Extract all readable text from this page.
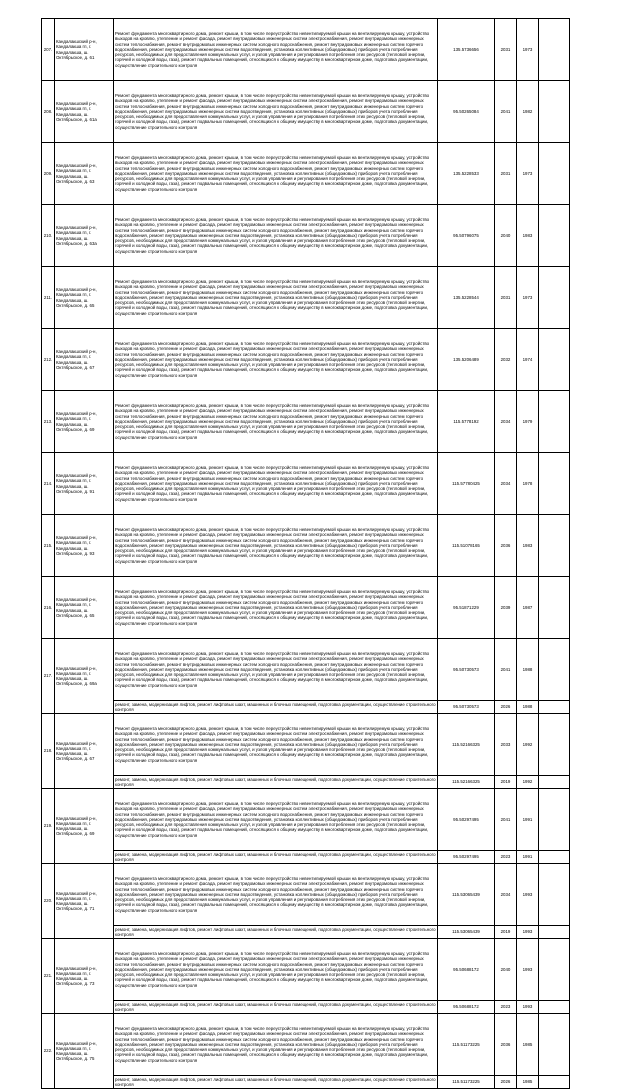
207.	Кандалакшский р-н, Кандалакша гп, г. Кандалакша, ш. Октябрьское, д. 61	Ремонт фундамента многоквартирного дома, ремонт крыши, в том числе переустройство невентилируемой крыши на вентилируемую крышу, устройство выходов на кровлю, утепление и ремонт фасада, ремонт внутридомовых инженерных систем электроснабжения, ремонт внутридомовых инженерных систем теплоснабжения, ремонт внутридомовых инженерных систем холодного водоснабжения, ремонт внутридомовых инженерных систем горячего водоснабжения, ремонт внутридомовых инженерных систем водоотведения, установка коллективных (общедомовых) приборов учета потребления ресурсов, необходимых для предоставления коммунальных услуг, и узлов управления и регулирования потребления этих ресурсов (тепловой энергии, горячей и холодной воды, газа), ремонт подвальных помещений, относящихся к общему имуществу в многоквартирном доме, подготовка документации, осуществление строительного контроля	135.5736656	2031	1973	
208.	Кандалакшский р-н, Кандалакша гп, г. Кандалакша, ш. Октябрьское, д. 61а	Ремонт фундамента многоквартирного дома, ремонт крыши, в том числе переустройство невентилируемой крыши на вентилируемую крышу, устройство выходов на кровлю, утепление и ремонт фасада, ремонт внутридомовых инженерных систем электроснабжения, ремонт внутридомовых инженерных систем теплоснабжения, ремонт внутридомовых инженерных систем холодного водоснабжения, ремонт внутридомовых инженерных систем горячего водоснабжения, ремонт внутридомовых инженерных систем водоотведения, установка коллективных (общедомовых) приборов учета потребления ресурсов, необходимых для предоставления коммунальных услуг, и узлов управления и регулирования потребления этих ресурсов (тепловой энергии, горячей и холодной воды, газа), ремонт подвальных помещений, относящихся к общему имуществу в многоквартирном доме, подготовка документации, осуществление строительного контроля	95.50265084	2041	1982	
209.	Кандалакшский р-н, Кандалакша гп, г. Кандалакша, ш. Октябрьское, д. 63	Ремонт фундамента многоквартирного дома, ремонт крыши, в том числе переустройство невентилируемой крыши на вентилируемую крышу, устройство выходов на кровлю, утепление и ремонт фасада, ремонт внутридомовых инженерных систем электроснабжения, ремонт внутридомовых инженерных систем теплоснабжения, ремонт внутридомовых инженерных систем холодного водоснабжения, ремонт внутридомовых инженерных систем горячего водоснабжения, ремонт внутридомовых инженерных систем водоотведения, установка коллективных (общедомовых) приборов учета потребления ресурсов, необходимых для предоставления коммунальных услуг, и узлов управления и регулирования потребления этих ресурсов (тепловой энергии, горячей и холодной воды, газа), ремонт подвальных помещений, относящихся к общему имуществу в многоквартирном доме, подготовка документации, осуществление строительного контроля	135.5228533	2031	1973	
210.	Кандалакшский р-н, Кандалакша гп, г. Кандалакша, ш. Октябрьское, д. 63а	Ремонт фундамента многоквартирного дома, ремонт крыши, в том числе переустройство невентилируемой крыши на вентилируемую крышу, устройство выходов на кровлю, утепление и ремонт фасада, ремонт внутридомовых инженерных систем электроснабжения, ремонт внутридомовых инженерных систем теплоснабжения, ремонт внутридомовых инженерных систем холодного водоснабжения, ремонт внутридомовых инженерных систем горячего водоснабжения, ремонт внутридомовых инженерных систем водоотведения, установка коллективных (общедомовых) приборов учета потребления ресурсов, необходимых для предоставления коммунальных услуг, и узлов управления и регулирования потребления этих ресурсов (тепловой энергии, горячей и холодной воды, газа), ремонт подвальных помещений, относящихся к общему имуществу в многоквартирном доме, подготовка документации, осуществление строительного контроля	95.50796075	2040	1983	
211.	Кандалакшский р-н, Кандалакша гп, г. Кандалакша, ш. Октябрьское, д. 65	Ремонт фундамента многоквартирного дома, ремонт крыши, в том числе переустройство невентилируемой крыши на вентилируемую крышу, устройство выходов на кровлю, утепление и ремонт фасада, ремонт внутридомовых инженерных систем электроснабжения, ремонт внутридомовых инженерных систем теплоснабжения, ремонт внутридомовых инженерных систем холодного водоснабжения, ремонт внутридомовых инженерных систем горячего водоснабжения, ремонт внутридомовых инженерных систем водоотведения, установка коллективных (общедомовых) приборов учета потребления ресурсов, необходимых для предоставления коммунальных услуг, и узлов управления и регулирования потребления этих ресурсов (тепловой энергии, горячей и холодной воды, газа), ремонт подвальных помещений, относящихся к общему имуществу в многоквартирном доме, подготовка документации, осуществление строительного контроля	135.5228544	2031	1973	
212.	Кандалакшский р-н, Кандалакша гп, г. Кандалакша, ш. Октябрьское, д. 67	Ремонт фундамента многоквартирного дома, ремонт крыши, в том числе переустройство невентилируемой крыши на вентилируемую крышу, устройство выходов на кровлю, утепление и ремонт фасада, ремонт внутридомовых инженерных систем электроснабжения, ремонт внутридомовых инженерных систем теплоснабжения, ремонт внутридомовых инженерных систем холодного водоснабжения, ремонт внутридомовых инженерных систем горячего водоснабжения, ремонт внутридомовых инженерных систем водоотведения, установка коллективных (общедомовых) приборов учета потребления ресурсов, необходимых для предоставления коммунальных услуг, и узлов управления и регулирования потребления этих ресурсов (тепловой энергии, горячей и холодной воды, газа), ремонт подвальных помещений, относящихся к общему имуществу в многоквартирном доме, подготовка документации, осуществление строительного контроля	135.5206489	2032	1974	
213.	Кандалакшский р-н, Кандалакша гп, г. Кандалакша, ш. Октябрьское, д. 69	Ремонт фундамента многоквартирного дома, ремонт крыши, в том числе переустройство невентилируемой крыши на вентилируемую крышу, устройство выходов на кровлю, утепление и ремонт фасада, ремонт внутридомовых инженерных систем электроснабжения, ремонт внутридомовых инженерных систем теплоснабжения, ремонт внутридомовых инженерных систем холодного водоснабжения, ремонт внутридомовых инженерных систем горячего водоснабжения, ремонт внутридомовых инженерных систем водоотведения, установка коллективных (общедомовых) приборов учета потребления ресурсов, необходимых для предоставления коммунальных услуг, и узлов управления и регулирования потребления этих ресурсов (тепловой энергии, горячей и холодной воды, газа), ремонт подвальных помещений, относящихся к общему имуществу в многоквартирном доме, подготовка документации, осуществление строительного контроля	115.5778192	2034	1979	
214.	Кандалакшский р-н, Кандалакша гп, г. Кандалакша, ш. Октябрьское, д. 91	Ремонт фундамента многоквартирного дома, ремонт крыши, в том числе переустройство невентилируемой крыши на вентилируемую крышу, устройство выходов на кровлю, утепление и ремонт фасада, ремонт внутридомовых инженерных систем электроснабжения, ремонт внутридомовых инженерных систем теплоснабжения, ремонт внутридомовых инженерных систем холодного водоснабжения, ремонт внутридомовых инженерных систем горячего водоснабжения, ремонт внутридомовых инженерных систем водоотведения, установка коллективных (общедомовых) приборов учета потребления ресурсов, необходимых для предоставления коммунальных услуг, и узлов управления и регулирования потребления этих ресурсов (тепловой энергии, горячей и холодной воды, газа), ремонт подвальных помещений, относящихся к общему имуществу в многоквартирном доме, подготовка документации, осуществление строительного контроля	115.57780425	2034	1978	
215.	Кандалакшский р-н, Кандалакша гп, г. Кандалакша, ш. Октябрьское, д. 93	Ремонт фундамента многоквартирного дома, ремонт крыши, в том числе переустройство невентилируемой крыши на вентилируемую крышу, устройство выходов на кровлю, утепление и ремонт фасада, ремонт внутридомовых инженерных систем электроснабжения, ремонт внутридомовых инженерных систем теплоснабжения, ремонт внутридомовых инженерных систем холодного водоснабжения, ремонт внутридомовых инженерных систем горячего водоснабжения, ремонт внутридомовых инженерных систем водоотведения, установка коллективных (общедомовых) приборов учета потребления ресурсов, необходимых для предоставления коммунальных услуг, и узлов управления и регулирования потребления этих ресурсов (тепловой энергии, горячей и холодной воды, газа), ремонт подвальных помещений, относящихся к общему имуществу в многоквартирном доме, подготовка документации, осуществление строительного контроля	115.51078165	2036	1983	
216.	Кандалакшский р-н, Кандалакша гп, г. Кандалакша, ш. Октябрьское, д. 65	Ремонт фундамента многоквартирного дома, ремонт крыши, в том числе переустройство невентилируемой крыши на вентилируемую крышу, устройство выходов на кровлю, утепление и ремонт фасада, ремонт внутридомовых инженерных систем электроснабжения, ремонт внутридомовых инженерных систем теплоснабжения, ремонт внутридомовых инженерных систем холодного водоснабжения, ремонт внутридомовых инженерных систем горячего водоснабжения, ремонт внутридомовых инженерных систем водоотведения, установка коллективных (общедомовых) приборов учета потребления ресурсов, необходимых для предоставления коммунальных услуг, и узлов управления и регулирования потребления этих ресурсов (тепловой энергии, горячей и холодной воды, газа), ремонт подвальных помещений, относящихся к общему имуществу в многоквартирном доме, подготовка документации, осуществление строительного контроля	95.51871229	2039	1987	
217.	Кандалакшский р-н, Кандалакша гп, г. Кандалакша, ш. Октябрьское, д. 69а	Ремонт фундамента многоквартирного дома, ремонт крыши, в том числе переустройство невентилируемой крыши на вентилируемую крышу, устройство выходов на кровлю, утепление и ремонт фасада, ремонт внутридомовых инженерных систем электроснабжения, ремонт внутридомовых инженерных систем теплоснабжения, ремонт внутридомовых инженерных систем холодного водоснабжения, ремонт внутридомовых инженерных систем горячего водоснабжения, ремонт внутридомовых инженерных систем водоотведения, установка коллективных (общедомовых) приборов учета потребления ресурсов, необходимых для предоставления коммунальных услуг, и узлов управления и регулирования потребления этих ресурсов (тепловой энергии, горячей и холодной воды, газа), ремонт подвальных помещений, относящихся к общему имуществу в многоквартирном доме, подготовка документации, осуществление строительного контроля	95.50730573	2041	1988	
		ремонт, замена, модернизация лифтов, ремонт лифтовых шахт, машинных и блочных помещений, подготовка документации, осуществление строительного контроля	95.50730573	2026	1988	
218.	Кандалакшский р-н, Кандалакша гп, г. Кандалакша, ш. Октябрьское, д. 67	Ремонт фундамента многоквартирного дома, ремонт крыши, в том числе переустройство невентилируемой крыши на вентилируемую крышу, устройство выходов на кровлю, утепление и ремонт фасада, ремонт внутридомовых инженерных систем электроснабжения, ремонт внутридомовых инженерных систем теплоснабжения, ремонт внутридомовых инженерных систем холодного водоснабжения, ремонт внутридомовых инженерных систем горячего водоснабжения, ремонт внутридомовых инженерных систем водоотведения, установка коллективных (общедомовых) приборов учета потребления ресурсов, необходимых для предоставления коммунальных услуг, и узлов управления и регулирования потребления этих ресурсов (тепловой энергии, горячей и холодной воды, газа), ремонт подвальных помещений, относящихся к общему имуществу в многоквартирном доме, подготовка документации, осуществление строительного контроля	115.52166325	2033	1992	
		ремонт, замена, модернизация лифтов, ремонт лифтовых шахт, машинных и блочных помещений, подготовка документации, осуществление строительного контроля	115.52166325	2019	1992	
219.	Кандалакшский р-н, Кандалакша гп, г. Кандалакша, ш. Октябрьское, д. 69	Ремонт фундамента многоквартирного дома, ремонт крыши, в том числе переустройство невентилируемой крыши на вентилируемую крышу, устройство выходов на кровлю, утепление и ремонт фасада, ремонт внутридомовых инженерных систем электроснабжения, ремонт внутридомовых инженерных систем теплоснабжения, ремонт внутридомовых инженерных систем холодного водоснабжения, ремонт внутридомовых инженерных систем горячего водоснабжения, ремонт внутридомовых инженерных систем водоотведения, установка коллективных (общедомовых) приборов учета потребления ресурсов, необходимых для предоставления коммунальных услуг, и узлов управления и регулирования потребления этих ресурсов (тепловой энергии, горячей и холодной воды, газа), ремонт подвальных помещений, относящихся к общему имуществу в многоквартирном доме, подготовка документации, осуществление строительного контроля	95.50297495	2041	1991	
		ремонт, замена, модернизация лифтов, ремонт лифтовых шахт, машинных и блочных помещений, подготовка документации, осуществление строительного контроля	95.50297495	2023	1991	
220.	Кандалакшский р-н, Кандалакша гп, г. Кандалакша, ш. Октябрьское, д. 71	Ремонт фундамента многоквартирного дома, ремонт крыши, в том числе переустройство невентилируемой крыши на вентилируемую крышу, устройство выходов на кровлю, утепление и ремонт фасада, ремонт внутридомовых инженерных систем электроснабжения, ремонт внутридомовых инженерных систем теплоснабжения, ремонт внутридомовых инженерных систем холодного водоснабжения, ремонт внутридомовых инженерных систем горячего водоснабжения, ремонт внутридомовых инженерных систем водоотведения, установка коллективных (общедомовых) приборов учета потребления ресурсов, необходимых для предоставления коммунальных услуг, и узлов управления и регулирования потребления этих ресурсов (тепловой энергии, горячей и холодной воды, газа), ремонт подвальных помещений, относящихся к общему имуществу в многоквартирном доме, подготовка документации, осуществление строительного контроля	115.53065439	2034	1993	
		ремонт, замена, модернизация лифтов, ремонт лифтовых шахт, машинных и блочных помещений, подготовка документации, осуществление строительного контроля	115.53065439	2019	1993	
221.	Кандалакшский р-н, Кандалакша гп, г. Кандалакша, ш. Октябрьское, д. 73	Ремонт фундамента многоквартирного дома, ремонт крыши, в том числе переустройство невентилируемой крыши на вентилируемую крышу, устройство выходов на кровлю, утепление и ремонт фасада, ремонт внутридомовых инженерных систем электроснабжения, ремонт внутридомовых инженерных систем теплоснабжения, ремонт внутридомовых инженерных систем холодного водоснабжения, ремонт внутридомовых инженерных систем горячего водоснабжения, ремонт внутридомовых инженерных систем водоотведения, установка коллективных (общедомовых) приборов учета потребления ресурсов, необходимых для предоставления коммунальных услуг, и узлов управления и регулирования потребления этих ресурсов (тепловой энергии, горячей и холодной воды, газа), ремонт подвальных помещений, относящихся к общему имуществу в многоквартирном доме, подготовка документации, осуществление строительного контроля	95.50688172	2040	1993	
		ремонт, замена, модернизация лифтов, ремонт лифтовых шахт, машинных и блочных помещений, подготовка документации, осуществление строительного контроля	95.50688172	2023	1993	
222.	Кандалакшский р-н, Кандалакша гп, г. Кандалакша, ш. Октябрьское, д. 75	Ремонт фундамента многоквартирного дома, ремонт крыши, в том числе переустройство невентилируемой крыши на вентилируемую крышу, устройство выходов на кровлю, утепление и ремонт фасада, ремонт внутридомовых инженерных систем электроснабжения, ремонт внутридомовых инженерных систем теплоснабжения, ремонт внутридомовых инженерных систем холодного водоснабжения, ремонт внутридомовых инженерных систем горячего водоснабжения, ремонт внутридомовых инженерных систем водоотведения, установка коллективных (общедомовых) приборов учета потребления ресурсов, необходимых для предоставления коммунальных услуг, и узлов управления и регулирования потребления этих ресурсов (тепловой энергии, горячей и холодной воды, газа), ремонт подвальных помещений, относящихся к общему имуществу в многоквартирном доме, подготовка документации, осуществление строительного контроля	115.51173225	2036	1985	
		ремонт, замена, модернизация лифтов, ремонт лифтовых шахт, машинных и блочных помещений, подготовка документации, осуществление строительного контроля	115.51173225	2026	1985	
